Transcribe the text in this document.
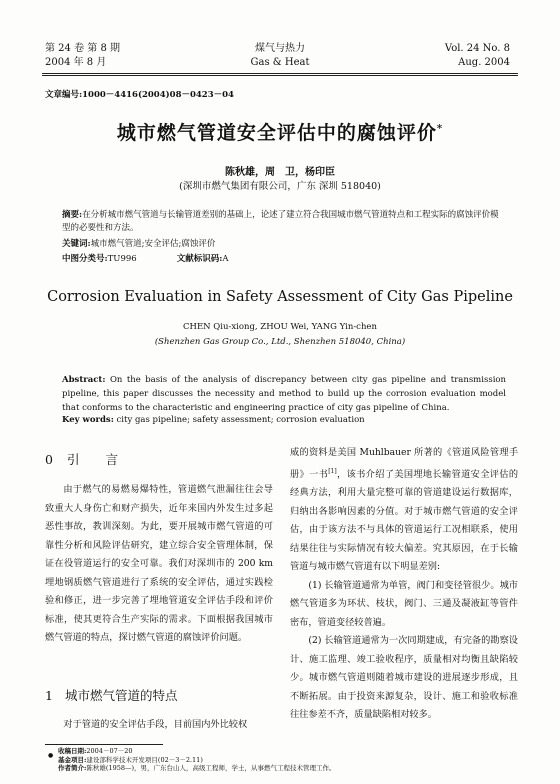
第 24 卷 第 8 期
2004 年 8 月
煤气与热力
Gas & Heat
Vol. 24 No. 8
Aug. 2004
文章编号:1000－4416(2004)08－0423－04
城市燃气管道安全评估中的腐蚀评价*
陈秋雄，周　卫，杨印臣
(深圳市燃气集团有限公司，广东 深圳 518040)
摘要:在分析城市燃气管道与长输管道差别的基础上，论述了建立符合我国城市燃气管道特点和工程实际的腐蚀评价模型的必要性和方法。
关键词:城市燃气管道;安全评估;腐蚀评价
中图分类号:TU996	文献标识码:A
Corrosion Evaluation in Safety Assessment of City Gas Pipeline
CHEN Qiu-xiong, ZHOU Wei, YANG Yin-chen
(Shenzhen Gas Group Co., Ltd., Shenzhen 518040, China)
Abstract: On the basis of the analysis of discrepancy between city gas pipeline and transmission pipeline, this paper discusses the necessity and method to build up the corrosion evaluation model that conforms to the characteristic and engineering practice of city gas pipeline of China.
Key words: city gas pipeline; safety assessment; corrosion evaluation
0 引言

由于燃气的易燃易爆特性，管道燃气泄漏往往会导致重大人身伤亡和财产损失，近年来国内外发生过多起恶性事故，教训深刻。为此，要开展城市燃气管道的可靠性分析和风险评估研究，建立综合安全管理体制，保证在役管道运行的安全可靠。我们对深圳市的 200 km 埋地钢质燃气管道进行了系统的安全评估，通过实践检验和修正，进一步完善了埋地管道安全评估手段和评价标准，使其更符合生产实际的需求。下面根据我国城市燃气管道的特点，探讨燃气管道的腐蚀评价问题。

1 城市燃气管道的特点

对于管道的安全评估手段，目前国内外比较权

威的资料是美国 Muhlbauer 所著的《管道风险管理手册》一书[1]，该书介绍了美国埋地长输管道安全评估的经典方法，利用大量完整可靠的管道建设运行数据库，归纳出各影响因素的分值。对于城市燃气管道的安全评估，由于该方法不与具体的管道运行工况相联系，使用结果往往与实际情况有较大偏差。究其原因，在于长输管道与城市燃气管道有以下明显差别:

(1) 长输管道通常为单管，阀门和变径管很少。城市燃气管道多为环状、枝状，阀门、三通及凝液缸等管件密布，管道变径较普遍。

(2) 长输管道通常为一次同期建成，有完备的勘察设计、施工监理、竣工验收程序，质量相对均衡且缺陷较少。城市燃气管道则随着城市建设的进展逐步形成，且不断拓展。由于投资来源复杂，设计、施工和验收标准往往参差不齐，质量缺陷相对较多。

●
收稿日期:2004－07－20
基金项目:建设部科学技术开发项目(02－3－2.11)
作者简介:陈秋雄(1958—)，男，广东台山人，高级工程师，学士，从事燃气工程技术管理工作。
